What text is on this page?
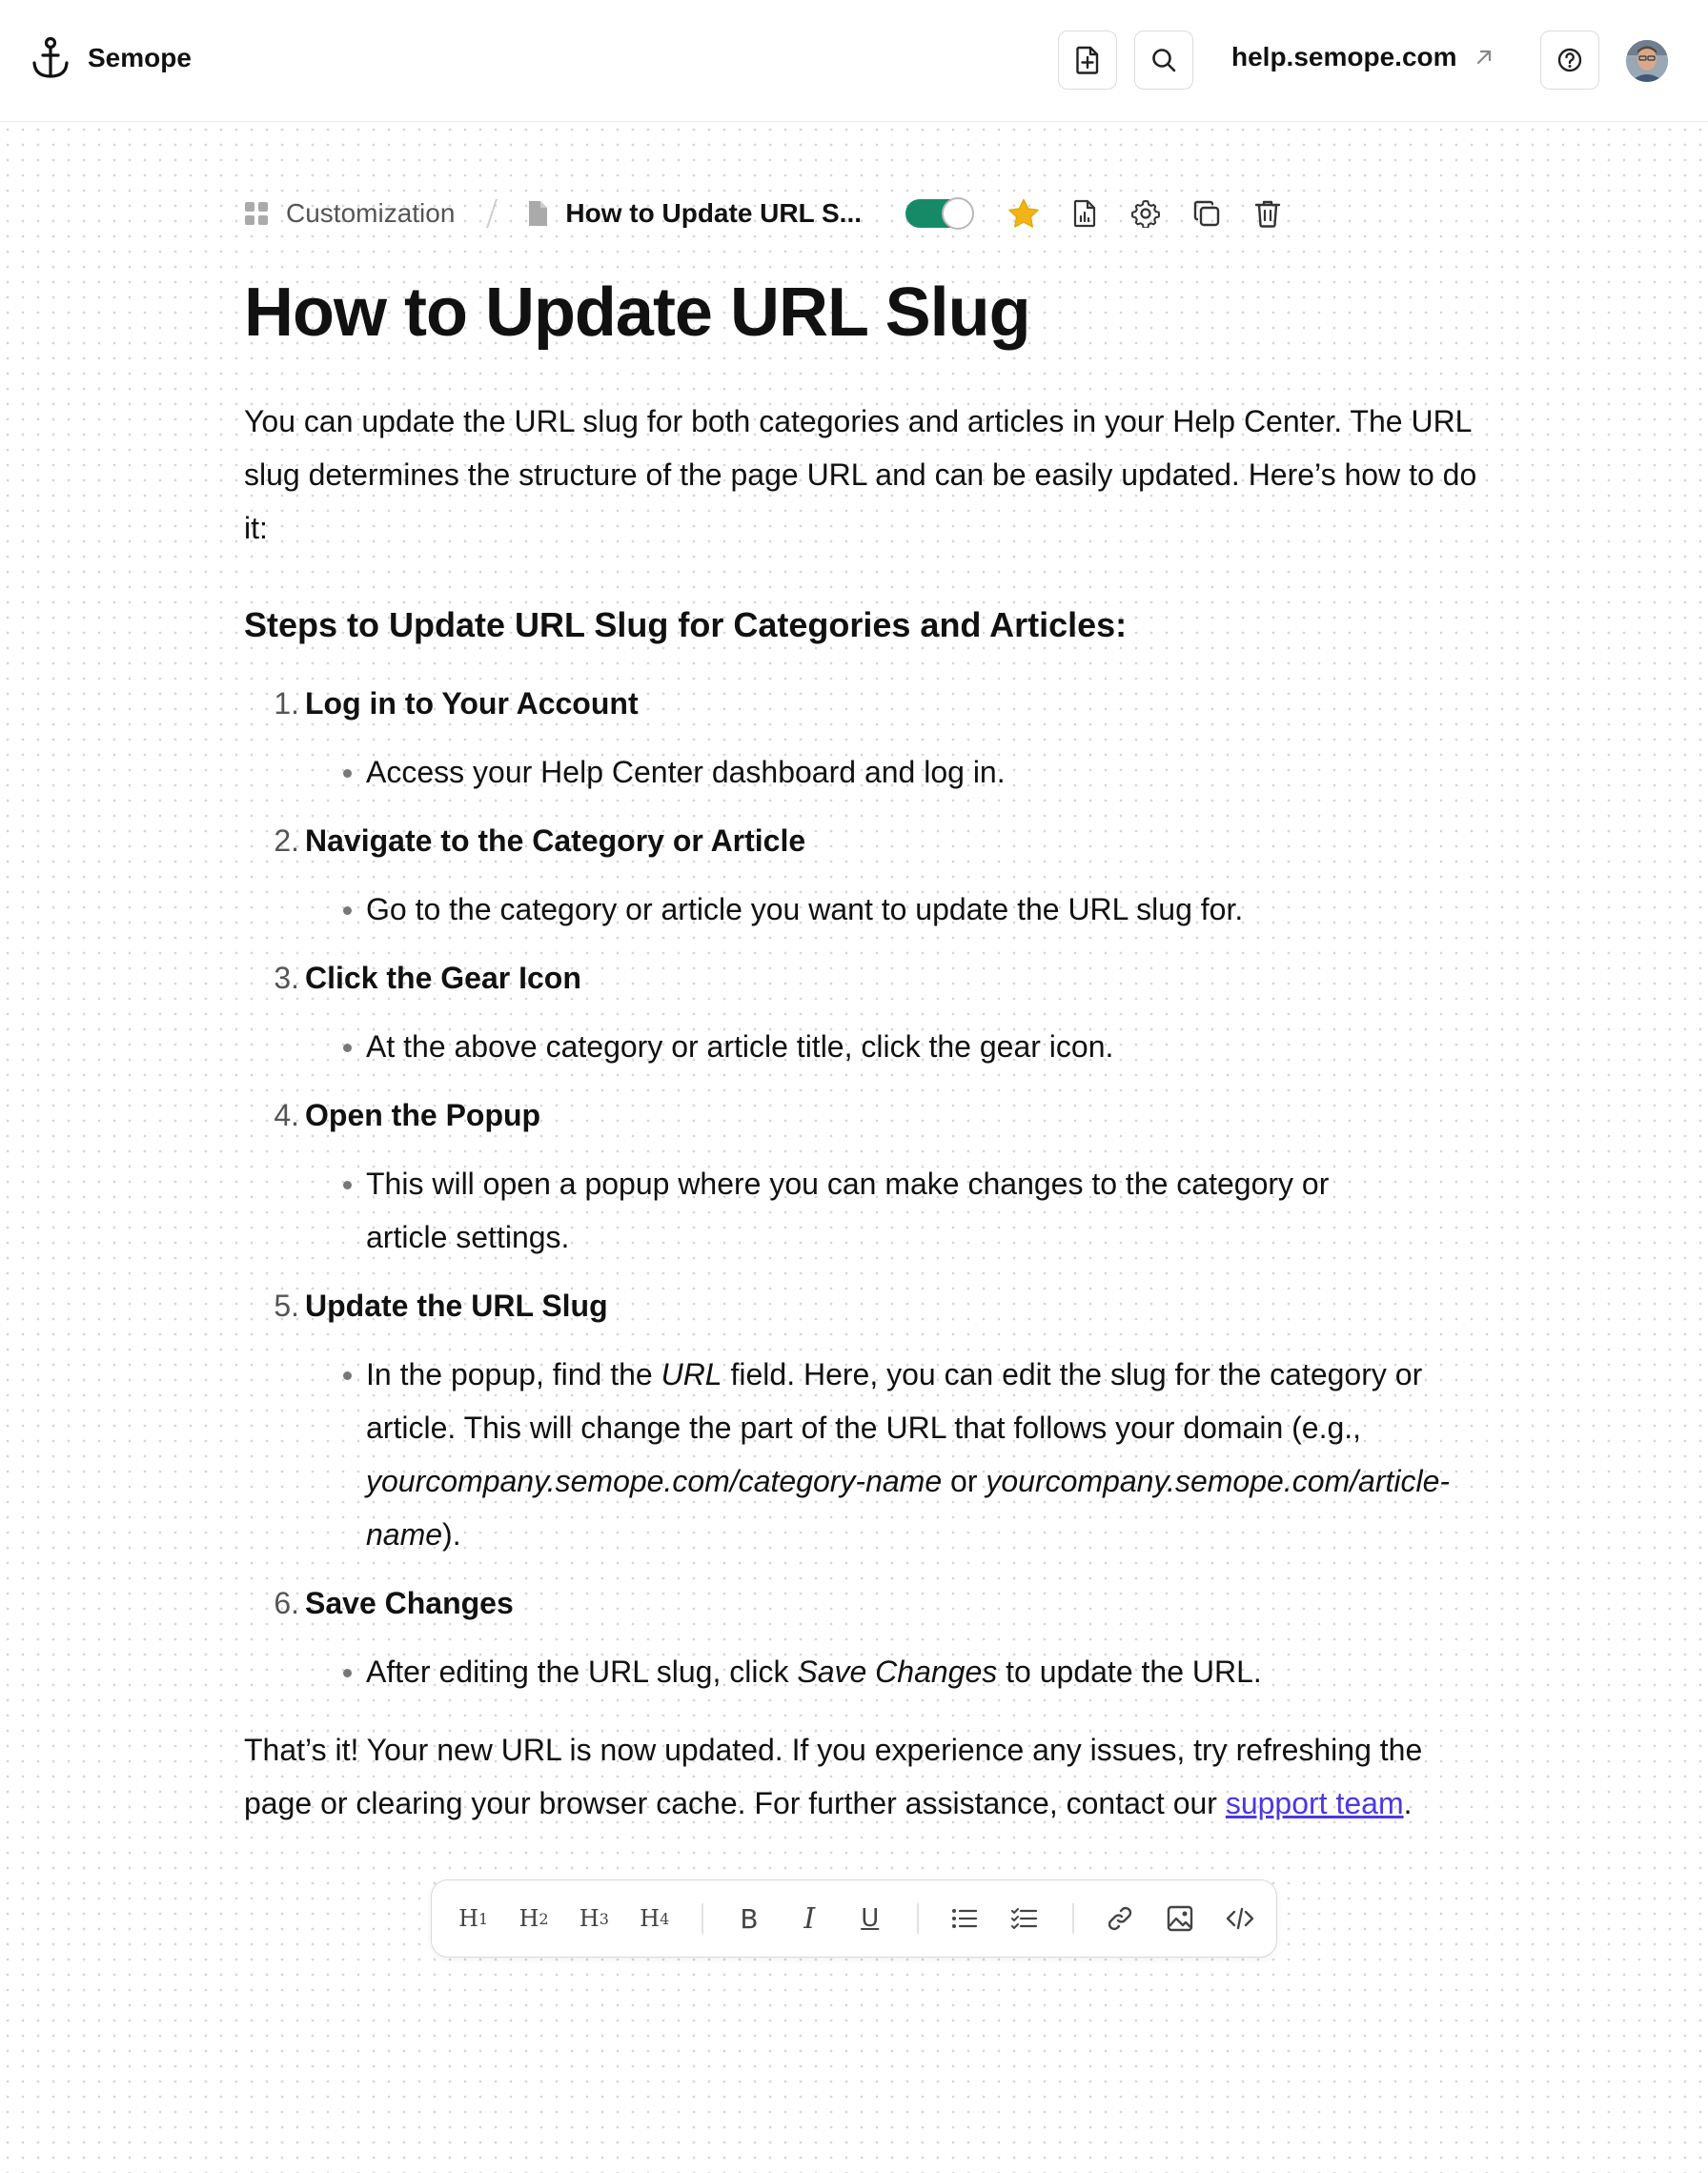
Semope	help.semope.com
Customization	How to Update URL S...
How to Update URL Slug

You can update the URL slug for both categories and articles in your Help Center. The URL slug determines the structure of the page URL and can be easily updated. Here’s how to do it:

Steps to Update URL Slug for Categories and Articles:
1. Log in to Your Account
Access your Help Center dashboard and log in.
2. Navigate to the Category or Article
Go to the category or article you want to update the URL slug for.
3. Click the Gear Icon
At the above category or article title, click the gear icon.
4. Open the Popup
This will open a popup where you can make changes to the category or article settings.
5. Update the URL Slug
In the popup, find the URL field. Here, you can edit the slug for the category or article. This will change the part of the URL that follows your domain (e.g., yourcompany.semope.com/category-name or yourcompany.semope.com/​article-name).
6. Save Changes
After editing the URL slug, click Save Changes to update the URL.

That’s it! Your new URL is now updated. If you experience any issues, try refreshing the page or clearing your browser cache. For further assistance, contact our support team.

H 1 H 2 H 3 H 4	B I U
